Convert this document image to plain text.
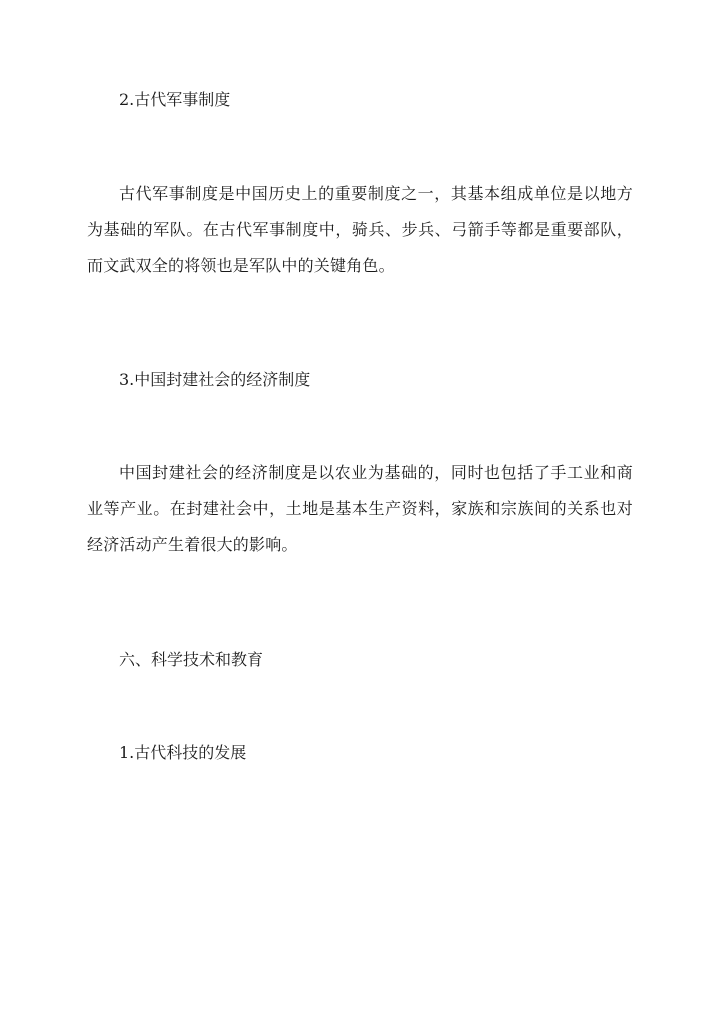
2.古代军事制度

古代军事制度是中国历史上的重要制度之一，其基本组成单位是以地方为基础的军队。在古代军事制度中，骑兵、步兵、弓箭手等都是重要部队，而文武双全的将领也是军队中的关键角色。

3.中国封建社会的经济制度

中国封建社会的经济制度是以农业为基础的，同时也包括了手工业和商业等产业。在封建社会中，土地是基本生产资料，家族和宗族间的关系也对经济活动产生着很大的影响。

六、科学技术和教育
1.古代科技的发展
